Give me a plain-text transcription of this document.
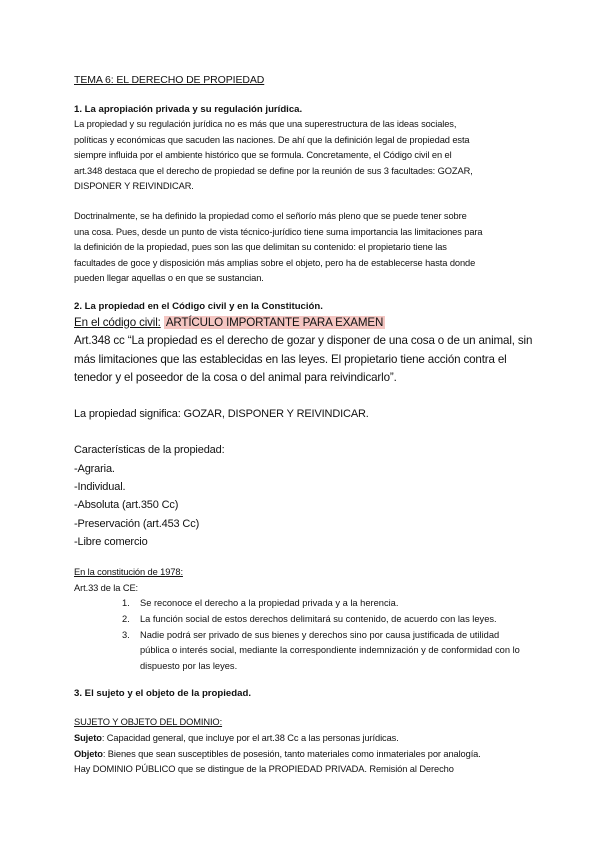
TEMA 6: EL DERECHO DE PROPIEDAD
1. La apropiación privada y su regulación jurídica.

La propiedad y su regulación jurídica no es más que una superestructura de las ideas sociales,

políticas y económicas que sacuden las naciones. De ahí que la definición legal de propiedad esta

siempre influida por el ambiente histórico que se formula. Concretamente, el Código civil en el

art.348 destaca que el derecho de propiedad se define por la reunión de sus 3 facultades: GOZAR,

DISPONER Y REIVINDICAR.

Doctrinalmente, se ha definido la propiedad como el señorío más pleno que se puede tener sobre

una cosa. Pues, desde un punto de vista técnico-jurídico tiene suma importancia las limitaciones para

la definición de la propiedad, pues son las que delimitan su contenido: el propietario tiene las

facultades de goce y disposición más amplias sobre el objeto, pero ha de establecerse hasta donde

pueden llegar aquellas o en que se sustancian.

2. La propiedad en el Código civil y en la Constitución.

En el código civil: ARTÍCULO IMPORTANTE PARA EXAMEN

Art.348 cc “La propiedad es el derecho de gozar y disponer de una cosa o de un animal, sin

más limitaciones que las establecidas en las leyes. El propietario tiene acción contra el

tenedor y el poseedor de la cosa o del animal para reivindicarlo”.

La propiedad significa: GOZAR, DISPONER Y REIVINDICAR.

Características de la propiedad:

-Agraria.

-Individual.

-Absoluta (art.350 Cc)

-Preservación (art.453 Cc)

-Libre comercio

En la constitución de 1978:

Art.33 de la CE:

1.	Se reconoce el derecho a la propiedad privada y a la herencia.
2.	La función social de estos derechos delimitará su contenido, de acuerdo con las leyes.
3.	Nadie podrá ser privado de sus bienes y derechos sino por causa justificada de utilidad
pública o interés social, mediante la correspondiente indemnización y de conformidad con lo
dispuesto por las leyes.
3. El sujeto y el objeto de la propiedad.

SUJETO Y OBJETO DEL DOMINIO:

Sujeto: Capacidad general, que incluye por el art.38 Cc a las personas jurídicas.

Objeto: Bienes que sean susceptibles de posesión, tanto materiales como inmateriales por analogía.

Hay DOMINIO PÚBLICO que se distingue de la PROPIEDAD PRIVADA. Remisión al Derecho
